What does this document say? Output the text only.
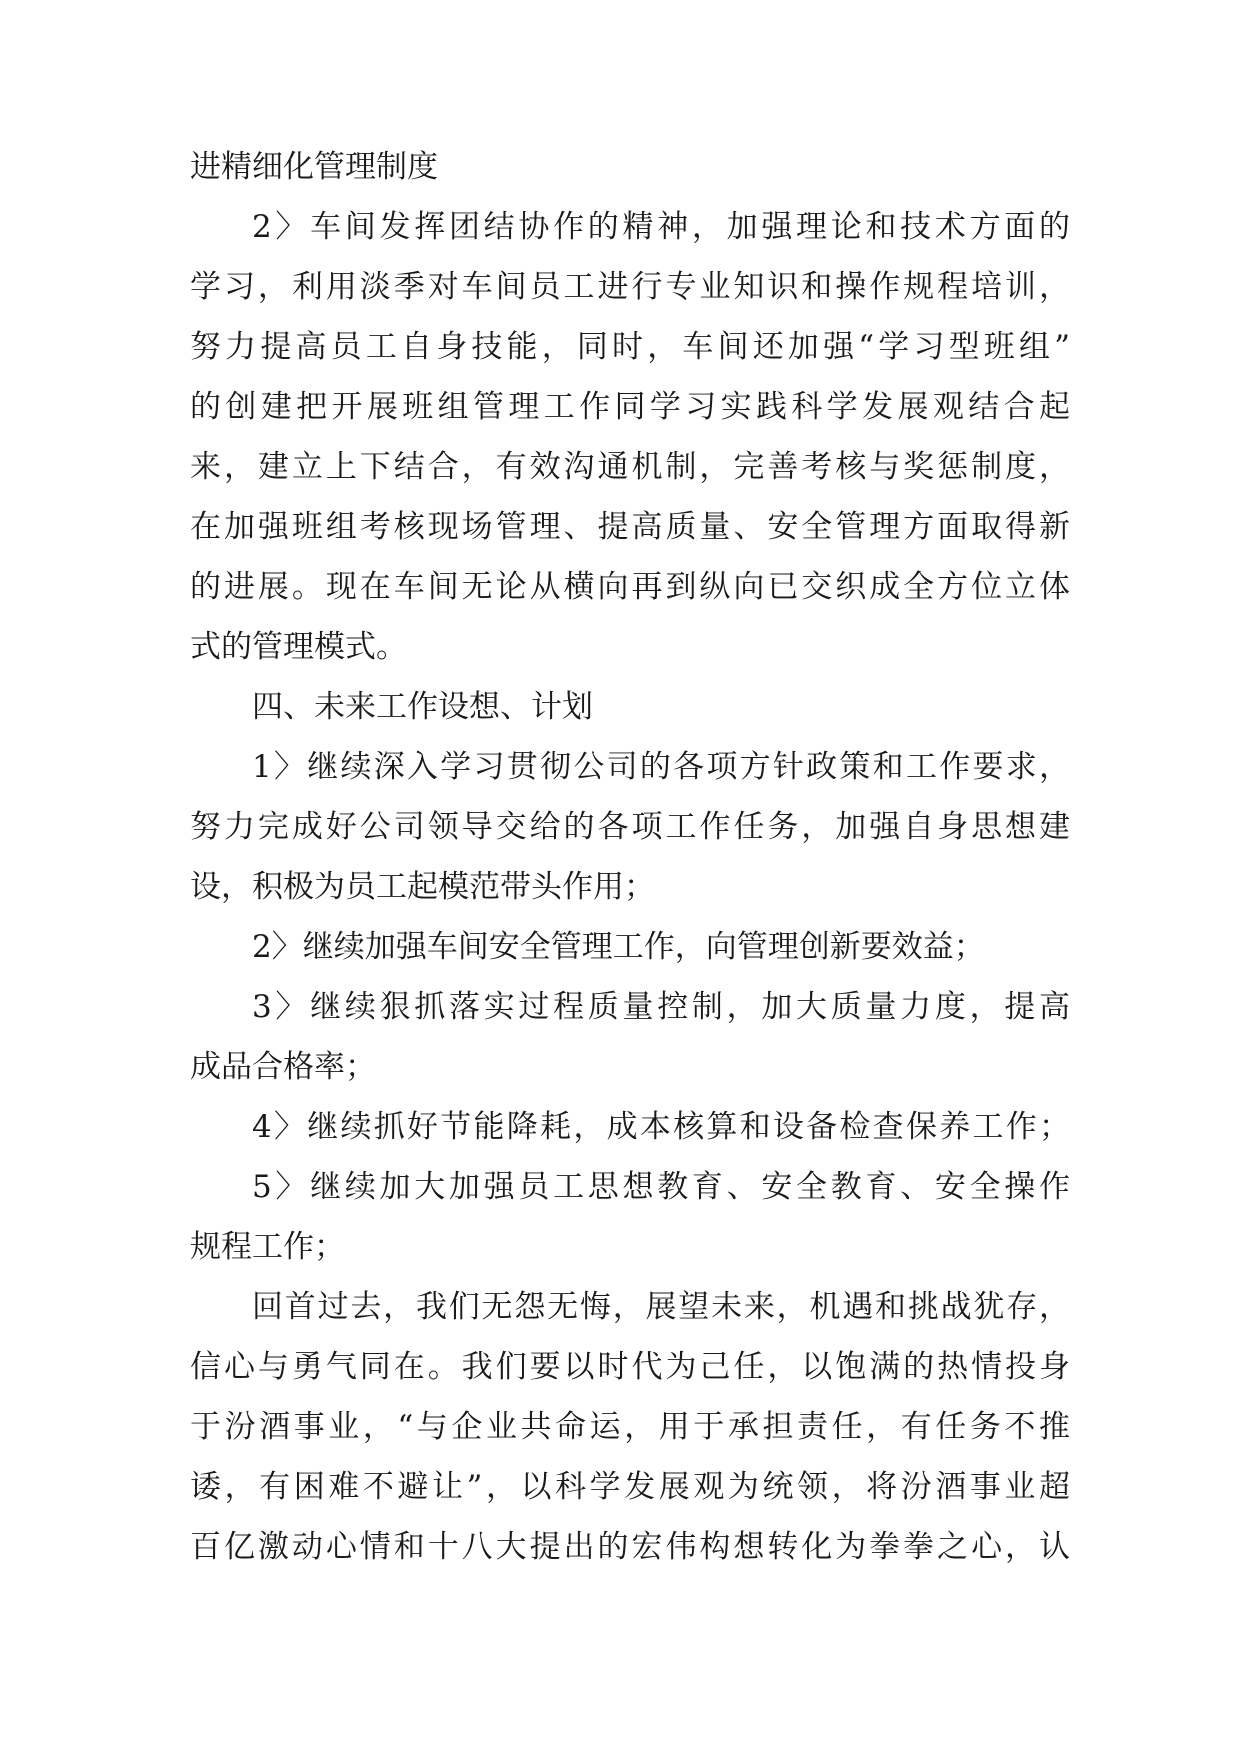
进精细化管理制度
2〉车间发挥团结协作的精神，加强理论和技术方面的
学习，利用淡季对车间员工进行专业知识和操作规程培训，
努力提高员工自身技能，同时，车间还加强“学习型班组”
的创建把开展班组管理工作同学习实践科学发展观结合起
来，建立上下结合，有效沟通机制，完善考核与奖惩制度，
在加强班组考核现场管理、提高质量、安全管理方面取得新
的进展。现在车间无论从横向再到纵向已交织成全方位立体
式的管理模式。
四、未来工作设想、计划
1〉继续深入学习贯彻公司的各项方针政策和工作要求，
努力完成好公司领导交给的各项工作任务，加强自身思想建
设，积极为员工起模范带头作用；
2〉继续加强车间安全管理工作，向管理创新要效益；
3〉继续狠抓落实过程质量控制，加大质量力度，提高
成品合格率；
4〉继续抓好节能降耗，成本核算和设备检查保养工作；
5〉继续加大加强员工思想教育、安全教育、安全操作
规程工作；
回首过去，我们无怨无悔，展望未来，机遇和挑战犹存，
信心与勇气同在。我们要以时代为己任，以饱满的热情投身
于汾酒事业，“与企业共命运，用于承担责任，有任务不推
诿，有困难不避让”，以科学发展观为统领，将汾酒事业超
百亿激动心情和十八大提出的宏伟构想转化为拳拳之心，认
